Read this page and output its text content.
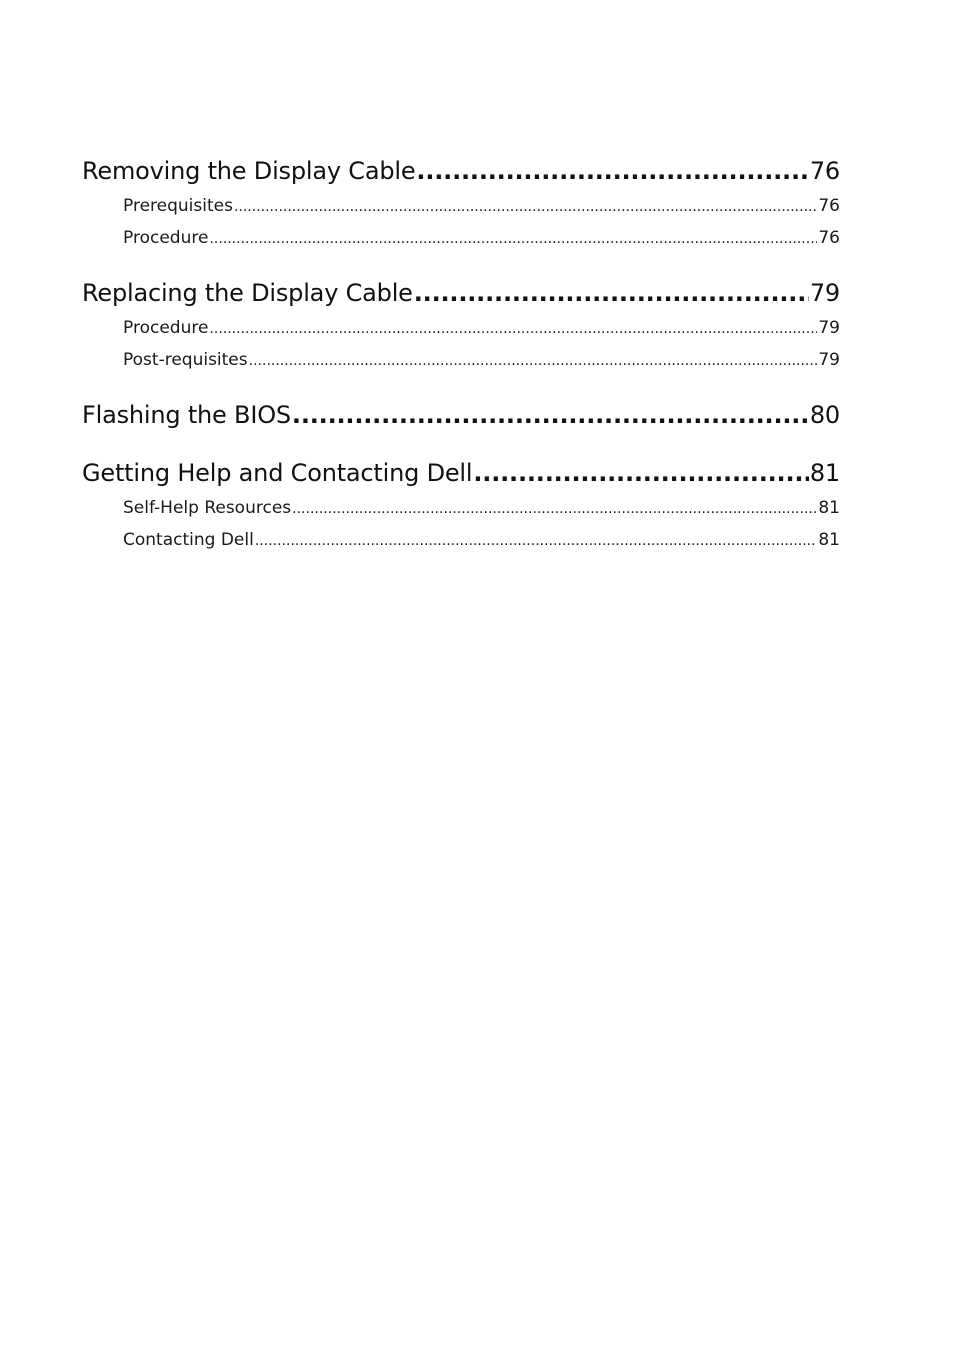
Removing the Display Cable .....	76
Prerequisites .....	76
Procedure .....	76
Replacing the Display Cable .....	79
Procedure .....	79
Post-requisites .....	79
Flashing the BIOS .....	80
Getting Help and Contacting Dell .....	81
Self-Help Resources .....	81
Contacting Dell .....	81
